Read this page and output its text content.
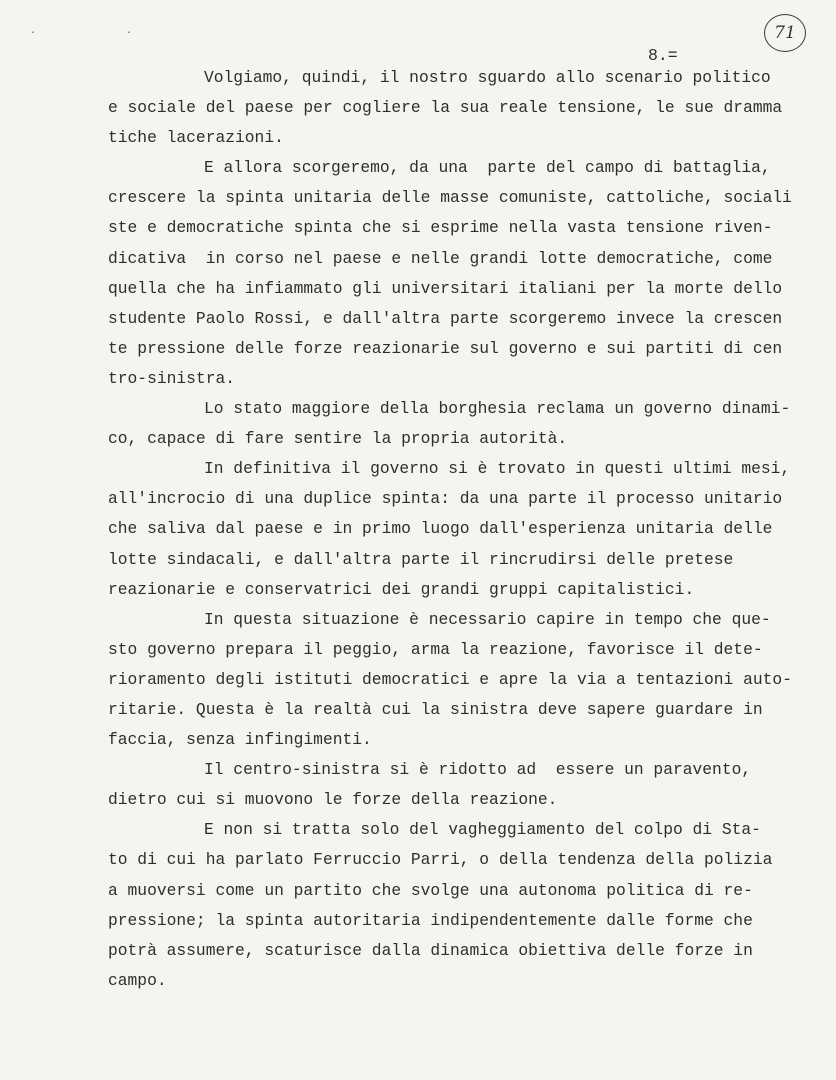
· ·	71
8.=
Volgiamo, quindi, il nostro sguardo allo scenario politico
e sociale del paese per cogliere la sua reale tensione, le sue dramma
tiche lacerazioni.
E allora scorgeremo, da una  parte del campo di battaglia,
crescere la spinta unitaria delle masse comuniste, cattoliche, sociali
ste e democratiche spinta che si esprime nella vasta tensione riven-
dicativa  in corso nel paese e nelle grandi lotte democratiche, come
quella che ha infiammato gli universitari italiani per la morte dello
studente Paolo Rossi, e dall'altra parte scorgeremo invece la crescen
te pressione delle forze reazionarie sul governo e sui partiti di cen
tro-sinistra.
Lo stato maggiore della borghesia reclama un governo dinami-
co, capace di fare sentire la propria autorità.
In definitiva il governo si è trovato in questi ultimi mesi,
all'incrocio di una duplice spinta: da una parte il processo unitario
che saliva dal paese e in primo luogo dall'esperienza unitaria delle
lotte sindacali, e dall'altra parte il rincrudirsi delle pretese
reazionarie e conservatrici dei grandi gruppi capitalistici.
In questa situazione è necessario capire in tempo che que-
sto governo prepara il peggio, arma la reazione, favorisce il dete-
rioramento degli istituti democratici e apre la via a tentazioni auto-
ritarie. Questa è la realtà cui la sinistra deve sapere guardare in
faccia, senza infingimenti.
Il centro-sinistra si è ridotto ad  essere un paravento,
dietro cui si muovono le forze della reazione.
E non si tratta solo del vagheggiamento del colpo di Sta-
to di cui ha parlato Ferruccio Parri, o della tendenza della polizia
a muoversi come un partito che svolge una autonoma politica di re-
pressione; la spinta autoritaria indipendentemente dalle forme che
potrà assumere, scaturisce dalla dinamica obiettiva delle forze in
campo.
